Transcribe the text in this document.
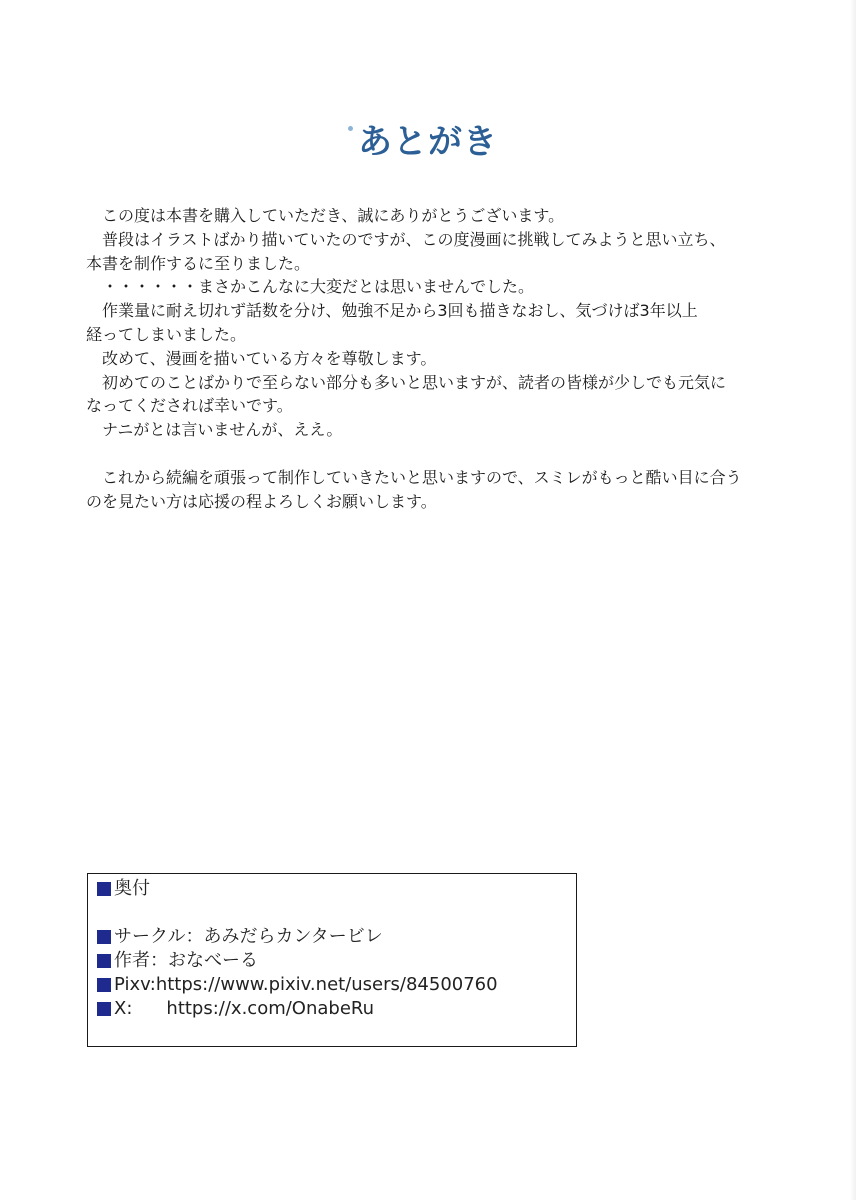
あとがき
この度は本書を購入していただき、誠にありがとうございます。
普段はイラストばかり描いていたのですが、この度漫画に挑戦してみようと思い立ち、
本書を制作するに至りました。
・・・・・・まさかこんなに大変だとは思いませんでした。
作業量に耐え切れず話数を分け、勉強不足から3回も描きなおし、気づけば3年以上
経ってしまいました。
改めて、漫画を描いている方々を尊敬します。
初めてのことばかりで至らない部分も多いと思いますが、読者の皆様が少しでも元気に
なってくだされば幸いです。
ナニがとは言いませんが、ええ。
これから続編を頑張って制作していきたいと思いますので、スミレがもっと酷い目に合う
のを見たい方は応援の程よろしくお願いします。
奥付
サークル：あみだらカンタービレ
作者：おなべーる
Pixv:https://www.pixiv.net/users/84500760
X: https://x.com/OnabeRu
